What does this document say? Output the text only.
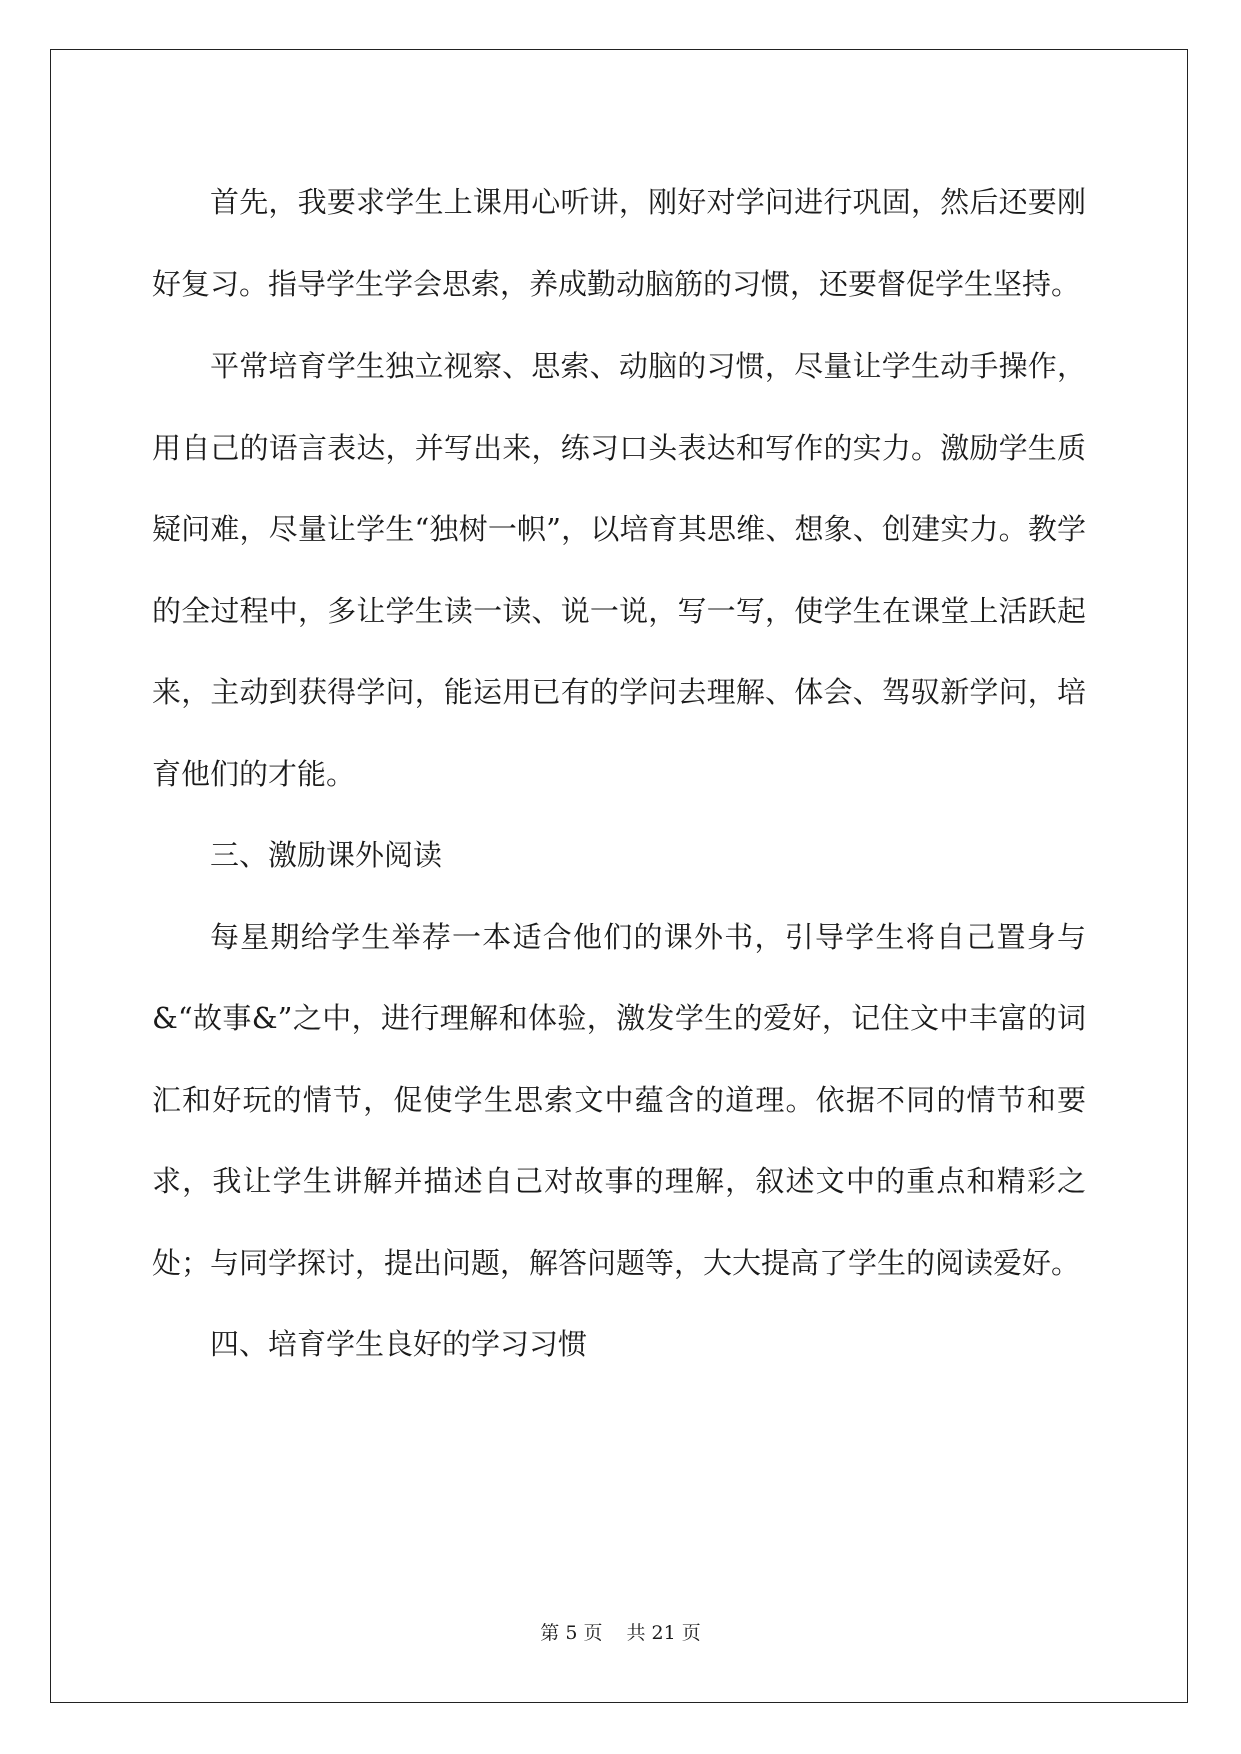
首先，我要求学生上课用心听讲，刚好对学问进行巩固，然后还要刚好复习。指导学生学会思索，养成勤动脑筋的习惯，还要督促学生坚持。

平常培育学生独立视察、思索、动脑的习惯，尽量让学生动手操作，用自己的语言表达，并写出来，练习口头表达和写作的实力。激励学生质疑问难，尽量让学生“独树一帜”，以培育其思维、想象、创建实力。教学的全过程中，多让学生读一读、说一说，写一写，使学生在课堂上活跃起来，主动到获得学问，能运用已有的学问去理解、体会、驾驭新学问，培育他们的才能。

三、激励课外阅读

每星期给学生举荐一本适合他们的课外书，引导学生将自己置身与&“故事&”之中，进行理解和体验，激发学生的爱好，记住文中丰富的词汇和好玩的情节，促使学生思索文中蕴含的道理。依据不同的情节和要求，我让学生讲解并描述自己对故事的理解，叙述文中的重点和精彩之处；与同学探讨，提出问题，解答问题等，大大提高了学生的阅读爱好。

四、培育学生良好的学习习惯

第 5 页 共 21 页
